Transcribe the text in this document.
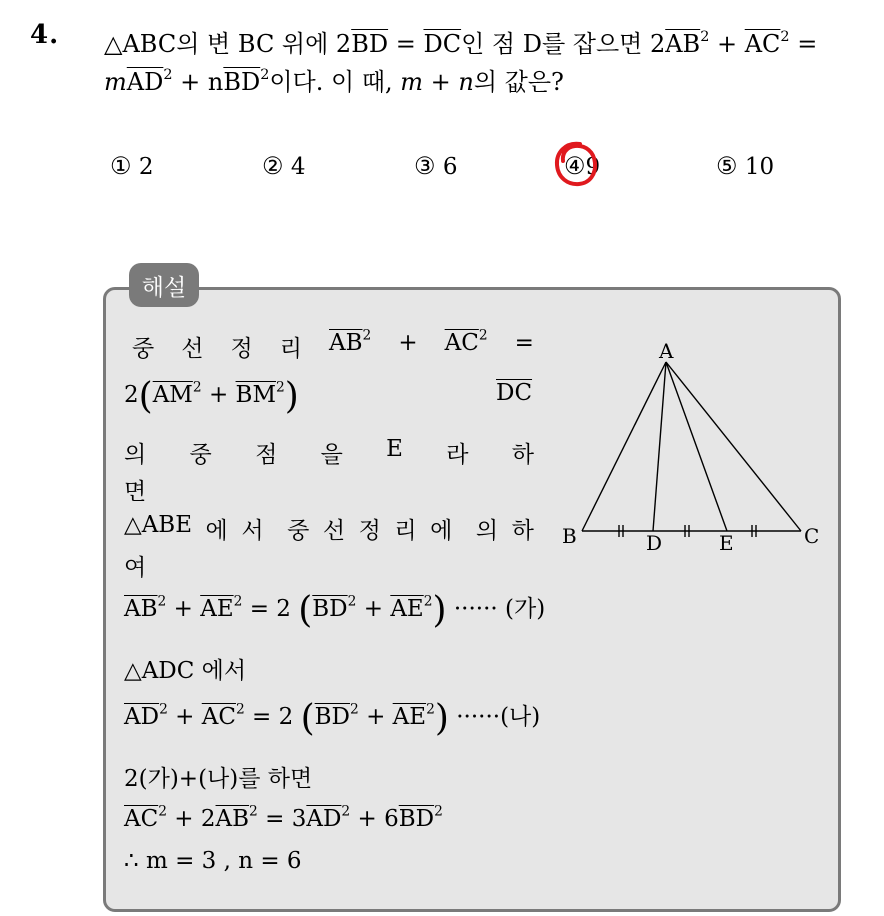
4. △ABC의 변 BC 위에 $2\overline{BD} = \overline{DC}$인 점 D를 잡으면 $2\overline{AB}^2 + \overline{AC}^2$ =
$m\overline{AD}^2 + n\overline{BD}^2$이다. 이 때, m + n의 값은?
① 2	② 4	③ 6	④9	⑤ 10
해설
중 선 정 리 $\overline{AB}^2 + \overline{AC}^2$ =
$2(\overline{AM}^2 + \overline{BM}^2)$	$\overline{DC}$
의 중 점 을 E 라 하
면
△ABE 에 서 중 선 정 리 에 의 하
여
$\overline{AB}^2 + \overline{AE}^2 = 2$ $(\overline{BD}^2 + \overline{AE}^2)$ ······ (가)
△ADC 에서
$\overline{AD}^2 + \overline{AC}^2 = 2$ $(\overline{BD}^2 + \overline{AE}^2)$ ······(나)
2(가)+(나)를 하면
$\overline{AC}^2 + 2\overline{AB}^2 = 3\overline{AD}^2 + 6\overline{BD}^2$
∴ m = 3 , n = 6
A
B	C
D	E
